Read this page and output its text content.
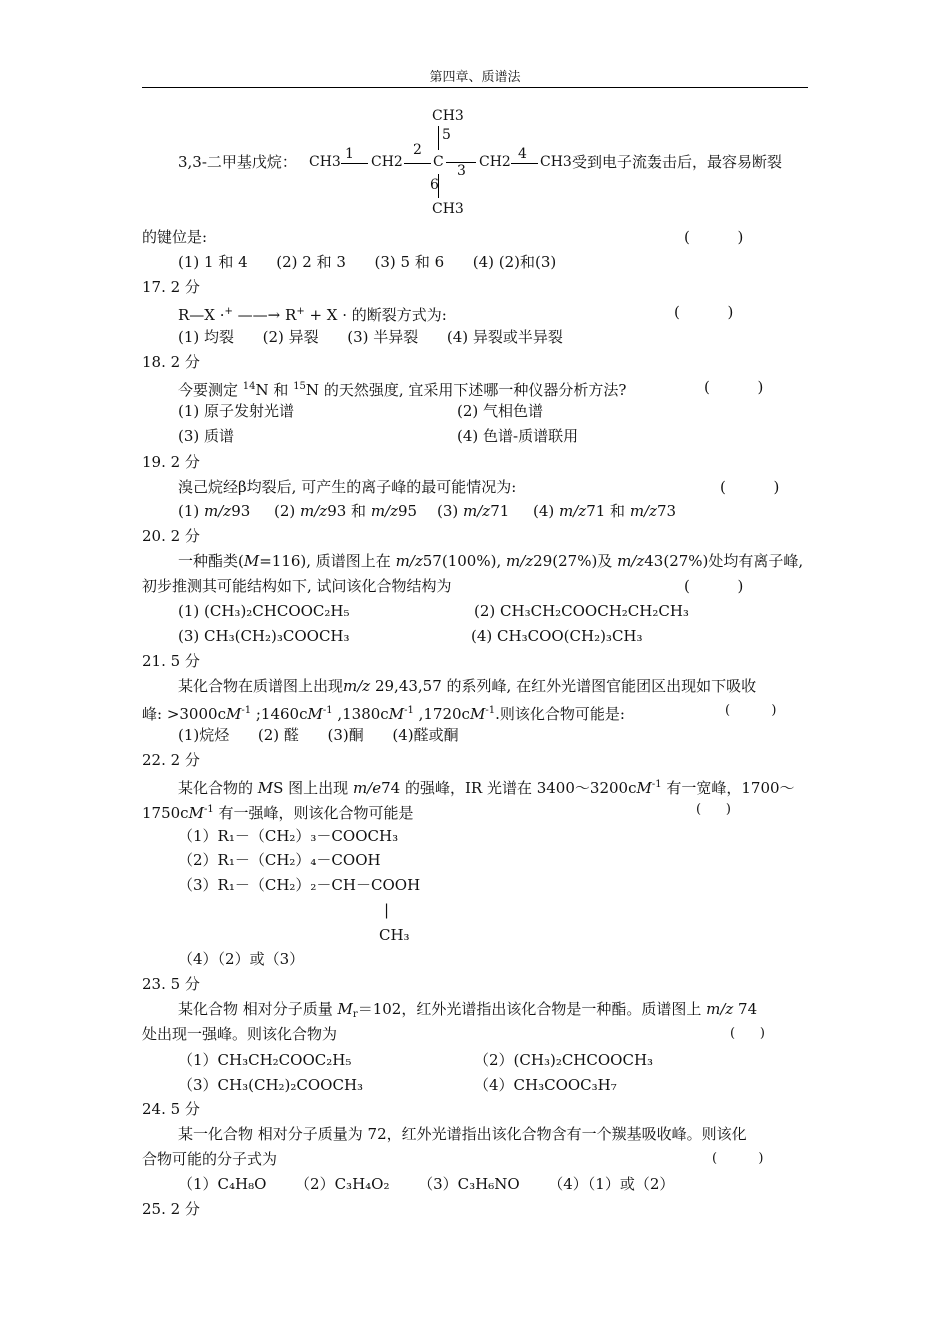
第四章、质谱法
CH3
5
3,3-二甲基戊烷： CH3 1 CH2
2
C
3
CH2 4 CH3 受到电子流轰击后，最容易断裂
6
CH3
的键位是:	(          )
(1) 1 和 4      (2) 2 和 3      (3) 5 和 6      (4) (2)和(3)
17. 2 分
R—X ·+ ——→ R+ + X · 的断裂方式为:	(          )
(1) 均裂      (2) 异裂      (3) 半异裂      (4) 异裂或半异裂
18. 2 分
今要测定 $^{14}$N 和 $^{15}$N 的天然强度, 宜采用下述哪一种仪器分析方法?	(          )
(1) 原子发射光谱	(2) 气相色谱
(3) 质谱	(4) 色谱-质谱联用
19. 2 分
溴己烷经β均裂后, 可产生的离子峰的最可能情况为:	(          )
(1) m/z93 (2) m/z93 和 m/z95 (3) m/z71 (4) m/z71 和 m/z73
20. 2 分
一种酯类(M=116), 质谱图上在 m/z57(100%), m/z29(27%)及 m/z43(27%)处均有离子峰,
初步推测其可能结构如下, 试问该化合物结构为	(          )
(1) (CH₃)₂CHCOOC₂H₅	(2) CH₃CH₂COOCH₂CH₂CH₃
(3) CH₃(CH₂)₃COOCH₃	(4) CH₃COO(CH₂)₃CH₃
21. 5 分
某化合物在质谱图上出现m/z 29,43,57 的系列峰, 在红外光谱图官能团区出现如下吸收
峰: $>3000cM^{-1}$ $;1460cM^{-1}$ $,1380cM^{-1}$ $,1720cM^{-1}$.则该化合物可能是:	(          )
(1)烷烃      (2) 醛      (3)酮      (4)醛或酮
22. 2 分
某化合物的 MS 图上出现 m/e74 的强峰，IR 光谱在 $3400\sim 3200cM^{-1}$ 有一宽峰，1700～
$1750cM^{-1}$ 有一强峰，则该化合物可能是	(      )
（1）R₁－（CH₂）₃－COOCH₃
（2）R₁－（CH₂）₄－COOH
（3）R₁－（CH₂）₂－CH－COOH
|
CH₃
（4）（2）或（3）
23. 5 分
某化合物 相对分子质量 $M_r=102$，红外光谱指出该化合物是一种酯。质谱图上 m/z 74
处出现一强峰。则该化合物为	(      )
（1）CH₃CH₂COOC₂H₅	（2）(CH₃)₂CHCOOCH₃
（3）CH₃(CH₂)₂COOCH₃	（4）CH₃COOC₃H₇
24. 5 分
某一化合物 相对分子质量为 72，红外光谱指出该化合物含有一个羰基吸收峰。则该化
合物可能的分子式为	(          )
（1）C₄H₈O      （2）C₃H₄O₂      （3）C₃H₆NO      （4）（1）或（2）
25. 2 分
